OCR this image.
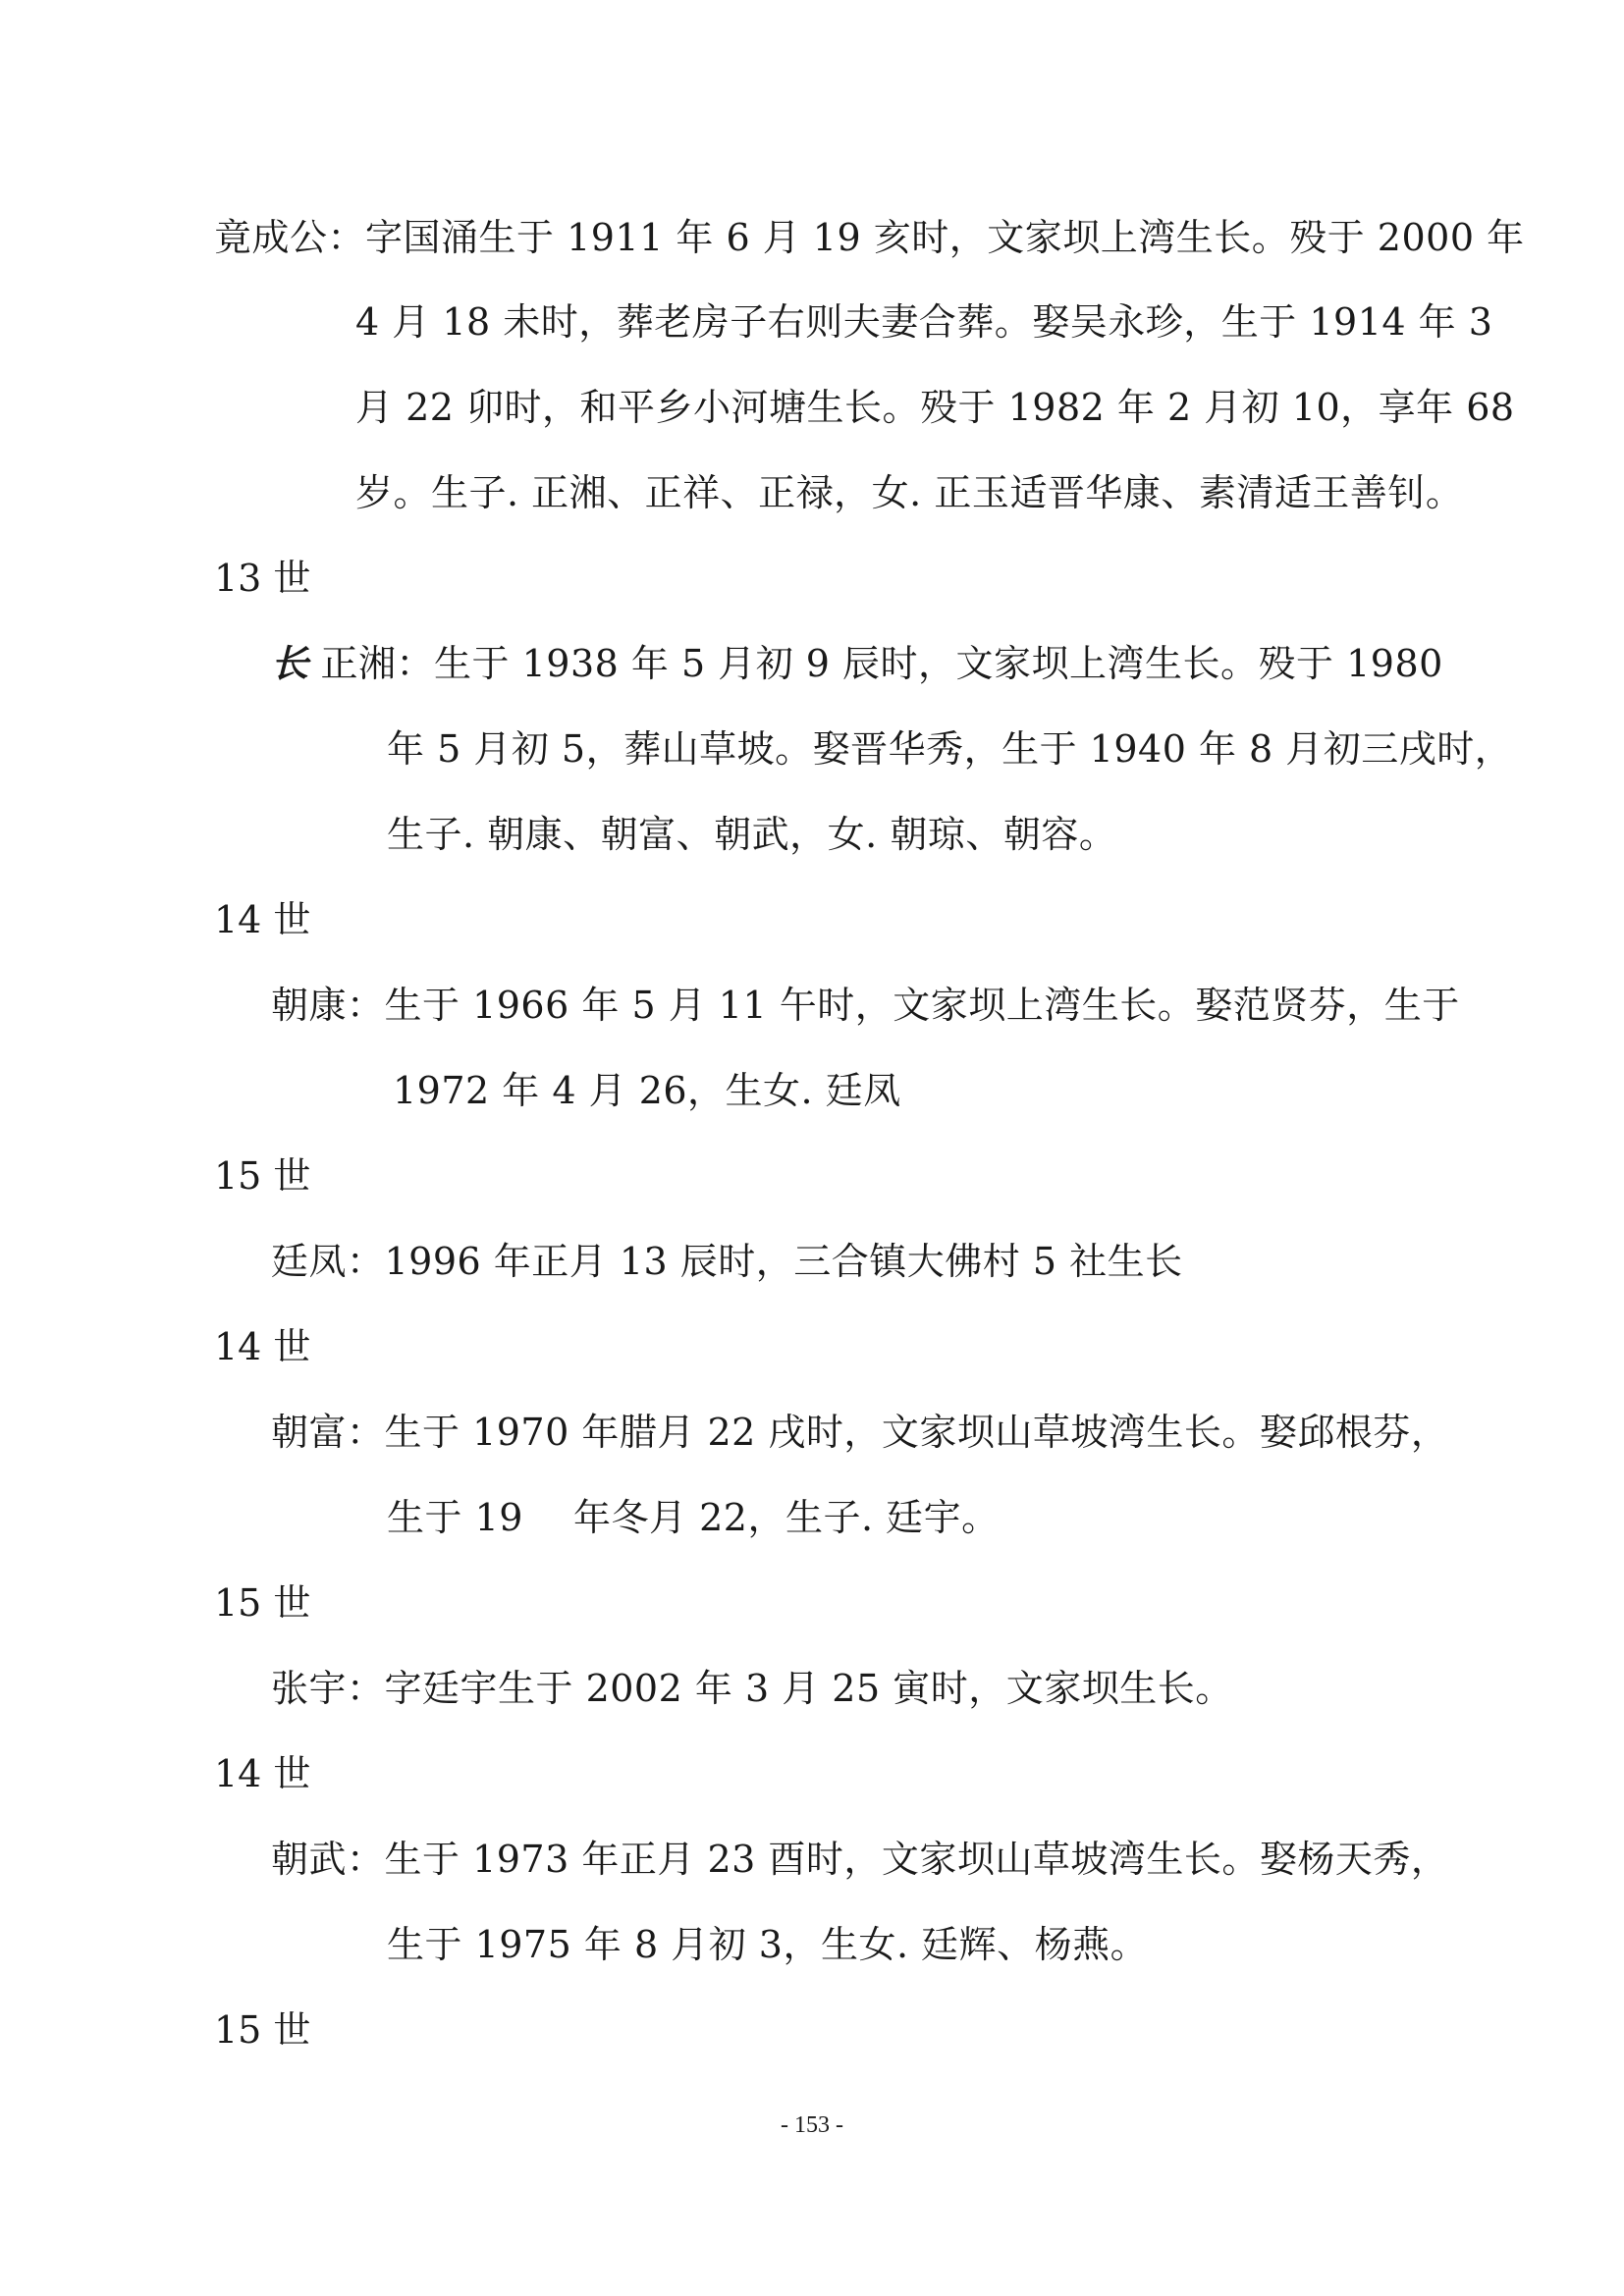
竟成公：字国涌生于 1911 年 6 月 19 亥时，文家坝上湾生长。殁于 2000 年
4 月 18 未时，葬老房子右则夫妻合葬。娶吴永珍，生于 1914 年 3
月 22 卯时，和平乡小河塘生长。殁于 1982 年 2 月初 10，享年 68
岁。生子. 正湘、正祥、正禄，女. 正玉适晋华康、素清适王善钊。
13 世
长 正湘：生于 1938 年 5 月初 9 辰时，文家坝上湾生长。殁于 1980
年 5 月初 5，葬山草坡。娶晋华秀，生于 1940 年 8 月初三戌时，
生子. 朝康、朝富、朝武，女. 朝琼、朝容。
14 世
朝康：生于 1966 年 5 月 11 午时，文家坝上湾生长。娶范贤芬，生于
1972 年 4 月 26，生女. 廷凤
15 世
廷凤：1996 年正月 13 辰时，三合镇大佛村 5 社生长
14 世
朝富：生于 1970 年腊月 22 戌时，文家坝山草坡湾生长。娶邱根芬，
生于 19　 年冬月 22，生子. 廷宇。
15 世
张宇：字廷宇生于 2002 年 3 月 25 寅时，文家坝生长。
14 世
朝武：生于 1973 年正月 23 酉时，文家坝山草坡湾生长。娶杨天秀，
生于 1975 年 8 月初 3，生女. 廷辉、杨燕。
15 世
- 153 -
